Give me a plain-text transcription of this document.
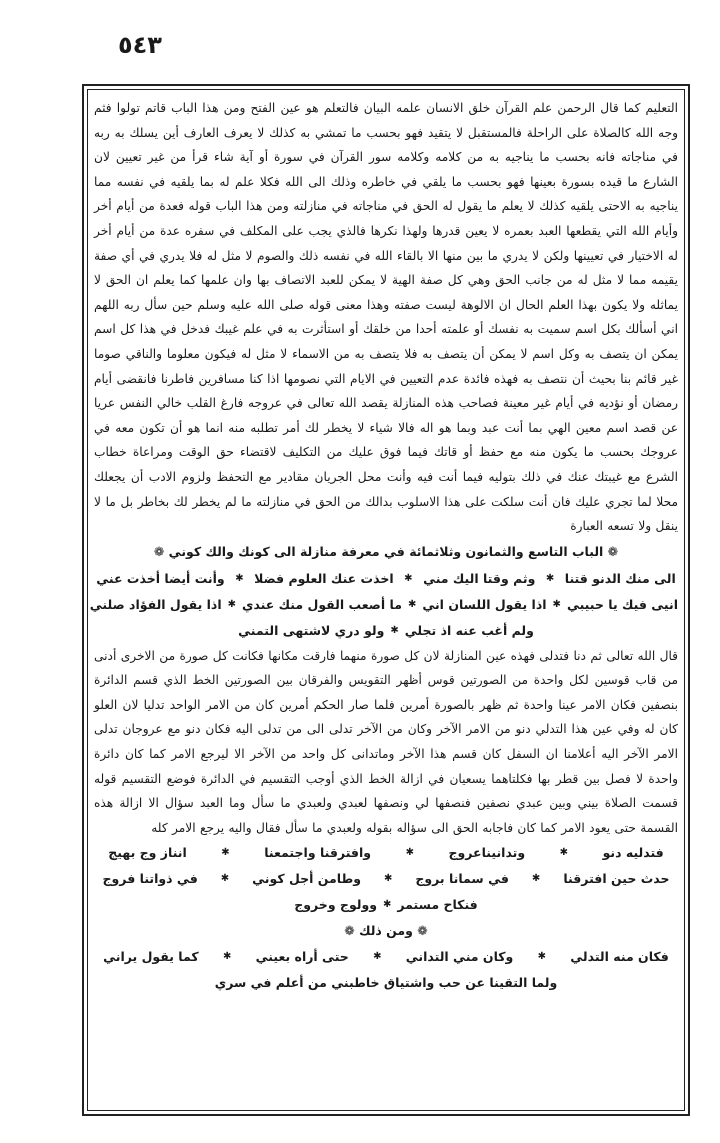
٥٤٣

التعليم كما قال الرحمن علم القرآن خلق الانسان علمه البيان فالتعلم هو عين الفتح ومن هذا الباب قاتم تولوا فثم وجه الله كالصلاة على الراحلة فالمستقبل لا يتقيد فهو بحسب ما تمشي به كذلك لا يعرف العارف أين يسلك به ربه في مناجاته فانه بحسب ما يناجيه به من كلامه وكلامه سور القرآن في سورة أو آية شاء قرأ من غير تعيين لان الشارع ما قيده بسورة بعينها فهو بحسب ما يلقي في خاطره وذلك الى الله فكلا علم له بما يلقيه في نفسه مما يناجيه به الاحتى يلقيه كذلك لا يعلم ما يقول له الحق في مناجاته في منازلته ومن هذا الباب قوله فعدة من أيام أخر وأيام الله التي يقطعها العبد بعمره لا يعين قدرها ولهذا نكرها فالذي يجب على المكلف في سفره عدة من أيام أخر له الاختيار في تعيينها ولكن لا يدري ما بين منها الا بالقاء الله في نفسه ذلك والصوم لا مثل له فلا يدري في أي صفة يقيمه مما لا مثل له من جانب الحق وهي كل صفة الهية لا يمكن للعبد الاتصاف بها وان علمها كما يعلم ان الحق لا يماثله ولا يكون بهذا العلم الحال ان الالوهة ليست صفته وهذا معنى قوله صلى الله عليه وسلم حين سأل ربه اللهم اني أسألك بكل اسم سميت به نفسك أو علمته أحدا من خلقك أو استأثرت به في علم غيبك فدخل في هذا كل اسم يمكن ان يتصف به وكل اسم لا يمكن أن يتصف به فلا يتصف به من الاسماء لا مثل له فيكون معلوما والناقي صوما غير قائم بنا بحيث أن نتصف به فهذه فائدة عدم التعيين في الايام التي نصومها اذا كنا مسافرين فاطرنا فانقضى أيام رمضان أو نؤديه في أيام غير معينة فصاحب هذه المنازلة يقصد الله تعالى في عروجه فارغ القلب خالي النفس عريا عن قصد اسم معين الهي بما أنت عبد وبما هو اله فالا شياء لا يخطر لك أمر تطلبه منه انما هو أن تكون معه في عروجك بحسب ما يكون منه مع حفظ أو قاتك فيما فوق عليك من التكليف لاقتضاء حق الوقت ومراعاة خطاب الشرع مع غيبتك عنك في ذلك بتوليه فيما أنت فيه وأنت محل الجريان مقادير مع التحفظ ولزوم الادب أن يجعلك محلا لما تجري عليك فان أنت سلكت على هذا الاسلوب بدالك من الحق في منازلته ما لم يخطر لك بخاطر بل ما لا ينقل ولا تسعه العبارة

❁ الباب التاسع والثمانون وثلاثمائة في معرفة منازلة الى كونك والك كوني ❁
الى منك الدنو قتنا
✱
وثم وقتا اليك مني
✱
اخذت عنك العلوم فضلا
✱
وأنت أيضا أخذت عني
انيى فيك يا حبيبي
✱
اذا يقول اللسان اني
✱
ما أصعب القول منك عندي
✱
اذا يقول الفؤاد صلني
ولم أغب عنه اذ تجلي
✱
ولو دري لاشتهى التمني

قال الله تعالى ثم دنا فتدلى فهذه عين المنازلة لان كل صورة منهما فارقت مكانها فكانت كل صورة من الاخرى أدنى من قاب قوسين لكل واحدة من الصورتين قوس أظهر التقويس والفرقان بين الصورتين الخط الذي قسم الدائرة بنصفين فكان الامر عينا واحدة ثم ظهر بالصورة أمرين فلما صار الحكم أمرين كان من الامر الواحد تدليا لان العلو كان له وفي عين هذا التدلي دنو من الامر الآخر وكان من الآخر تدلى الى من تدلى اليه فكان دنو مع عروجان تدلى الامر الآخر اليه أعلامنا ان السفل كان قسم هذا الآخر وماتدانى كل واحد من الآخر الا ليرجع الامر كما كان دائرة واحدة لا فصل بين قطر بها فكلتاهما يسعيان في ازالة الخط الذي أوجب التقسيم في الدائرة فوضع التقسيم قوله قسمت الصلاة بيني وبين عبدي نصفين فنصفها لي ونصفها لعبدي ولعبدي ما سأل وما العبد سؤال الا ازالة هذه القسمة حتى يعود الامر كما كان فاجابه الحق الى سؤاله بقوله ولعبدي ما سأل فقال واليه يرجع الامر كله

فتدليه دنو
✱
وتدانيناعروج
✱
وافترقنا واجتمعنا
✱
انناز وج بهيج
حدث حين افترقنا
✱
في سمانا بروج
✱
وطامن أجل كوني
✱
في ذواتنا فروج
فنكاح مستمر
✱
وولوج وخروج
❁ ومن ذلك ❁
فكان منه التدلي
✱
وكان مني التداني
✱
حتى أراه بعيني
✱
كما يقول يراني
ولما التقينا عن حب واشتياق خاطبني من أعلم في سري
